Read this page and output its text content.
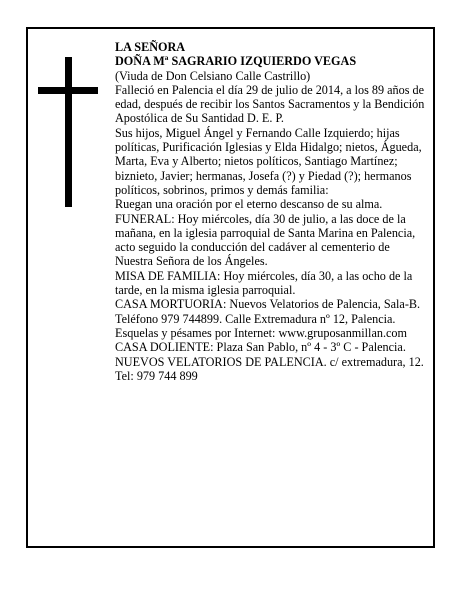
LA SEÑORA

DOÑA Mª SAGRARIO IZQUIERDO VEGAS

(Viuda de Don Celsiano Calle Castrillo)

Falleció en Palencia el día 29 de julio de 2014, a los 89 años de edad, después de recibir los Santos Sacramentos y la Bendición Apostólica de Su Santidad D. E. P.

Sus hijos, Miguel Ángel y Fernando Calle Izquierdo; hijas políticas, Purificación Iglesias y Elda Hidalgo; nietos, Águeda, Marta, Eva y Alberto; nietos políticos, Santiago Martínez; biznieto, Javier; hermanas, Josefa (?) y Piedad (?); hermanos políticos, sobrinos, primos y demás familia:

Ruegan una oración por el eterno descanso de su alma.

FUNERAL: Hoy miércoles, día 30 de julio, a las doce de la mañana, en la iglesia parroquial de Santa Marina en Palencia, acto seguido la conducción del cadáver al cementerio de Nuestra Señora de los Ángeles.

MISA DE FAMILIA: Hoy miércoles, día 30, a las ocho de la tarde, en la misma iglesia parroquial.

CASA MORTUORIA: Nuevos Velatorios de Palencia, Sala-B. Teléfono 979 744899. Calle Extremadura nº 12, Palencia.

Esquelas y pésames por Internet: www.gruposanmillan.com

CASA DOLIENTE: Plaza San Pablo, nº 4 - 3º C - Palencia.

NUEVOS VELATORIOS DE PALENCIA. c/ extremadura, 12. Tel: 979 744 899
